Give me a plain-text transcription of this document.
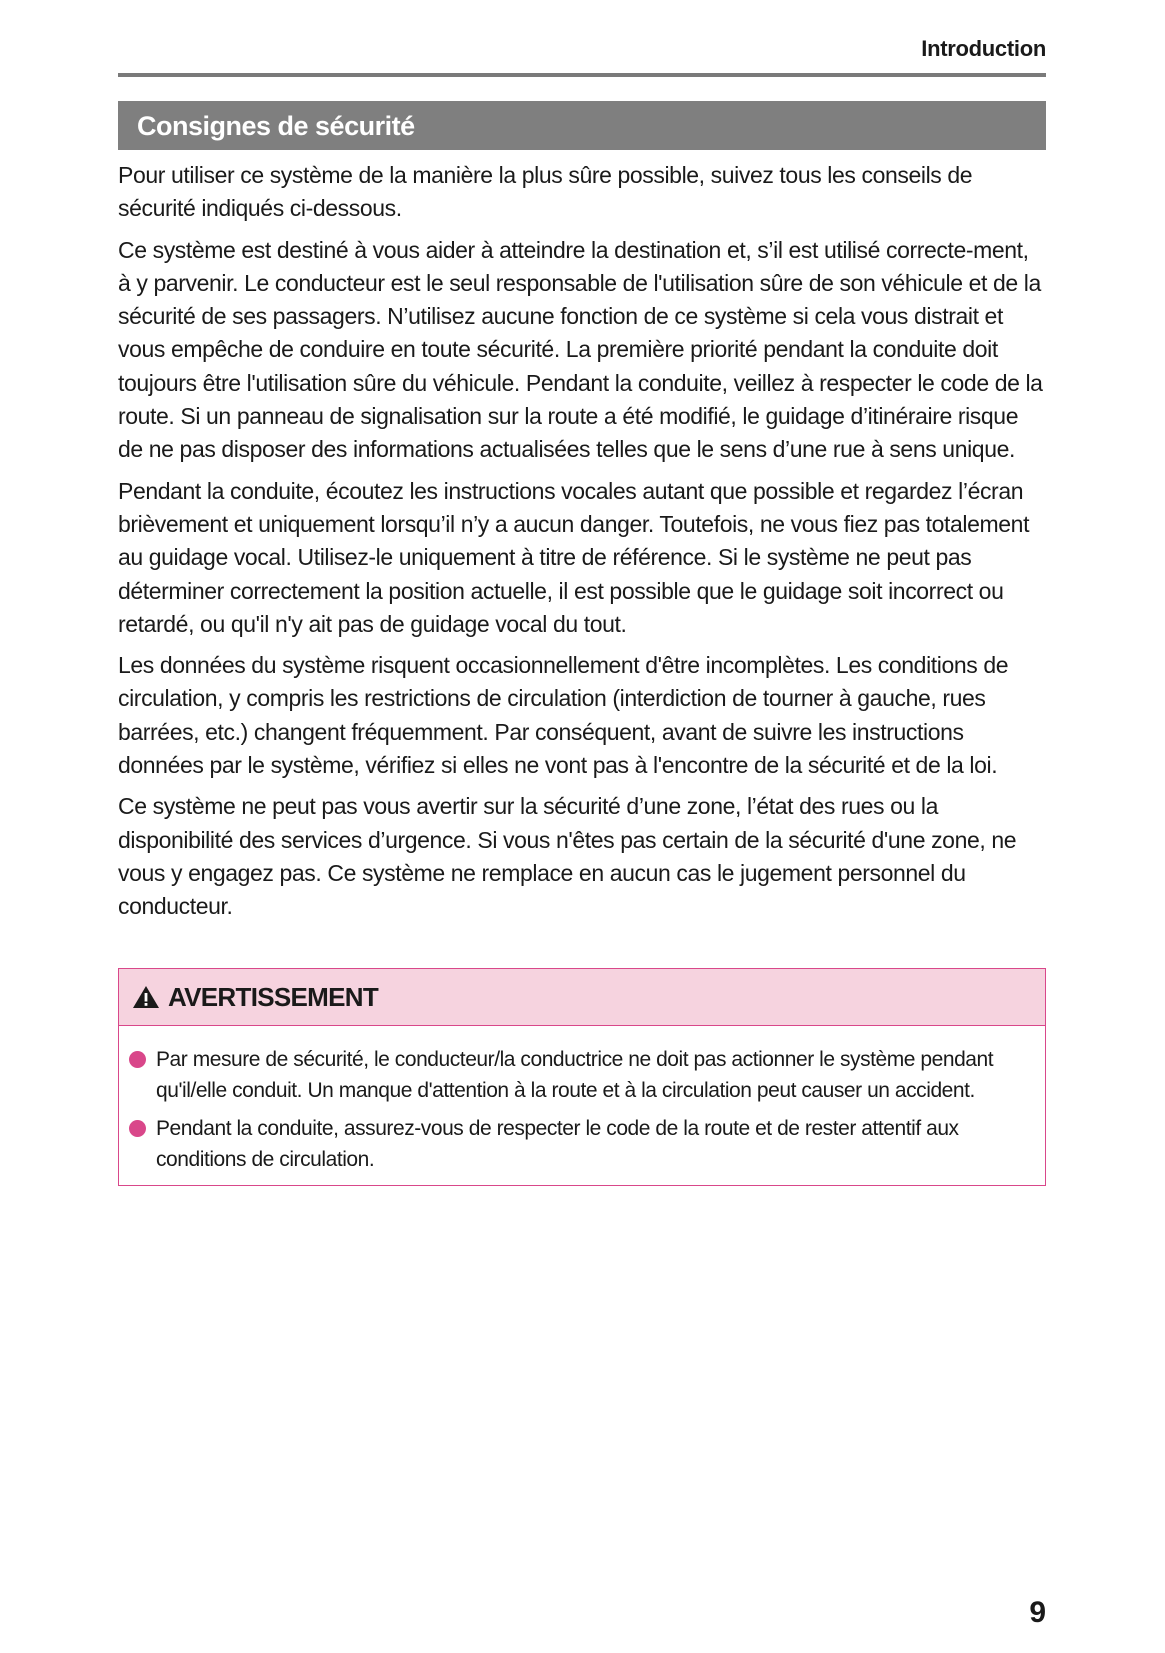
Introduction
Consignes de sécurité

Pour utiliser ce système de la manière la plus sûre possible, suivez tous les conseils de sécurité indiqués ci-dessous.

Ce système est destiné à vous aider à atteindre la destination et, s’il est utilisé correcte-ment, à y parvenir. Le conducteur est le seul responsable de l'utilisation sûre de son véhicule et de la sécurité de ses passagers. N’utilisez aucune fonction de ce système si cela vous distrait et vous empêche de conduire en toute sécurité. La première priorité pendant la conduite doit toujours être l'utilisation sûre du véhicule. Pendant la conduite, veillez à respecter le code de la route. Si un panneau de signalisation sur la route a été modifié, le guidage d’itinéraire risque de ne pas disposer des informations actualisées telles que le sens d’une rue à sens unique.

Pendant la conduite, écoutez les instructions vocales autant que possible et regardez l’écran brièvement et uniquement lorsqu’il n’y a aucun danger. Toutefois, ne vous fiez pas totalement au guidage vocal. Utilisez-le uniquement à titre de référence. Si le système ne peut pas déterminer correctement la position actuelle, il est possible que le guidage soit incorrect ou retardé, ou qu'il n'y ait pas de guidage vocal du tout.

Les données du système risquent occasionnellement d'être incomplètes. Les conditions de circulation, y compris les restrictions de circulation (interdiction de tourner à gauche, rues barrées, etc.) changent fréquemment. Par conséquent, avant de suivre les instructions données par le système, vérifiez si elles ne vont pas à l'encontre de la sécurité et de la loi.

Ce système ne peut pas vous avertir sur la sécurité d’une zone, l’état des rues ou la disponibilité des services d’urgence. Si vous n'êtes pas certain de la sécurité d'une zone, ne vous y engagez pas. Ce système ne remplace en aucun cas le jugement personnel du conducteur.

AVERTISSEMENT
Par mesure de sécurité, le conducteur/la conductrice ne doit pas actionner le système pendant qu'il/elle conduit. Un manque d'attention à la route et à la circulation peut causer un accident.
Pendant la conduite, assurez-vous de respecter le code de la route et de rester attentif aux conditions de circulation.
9
